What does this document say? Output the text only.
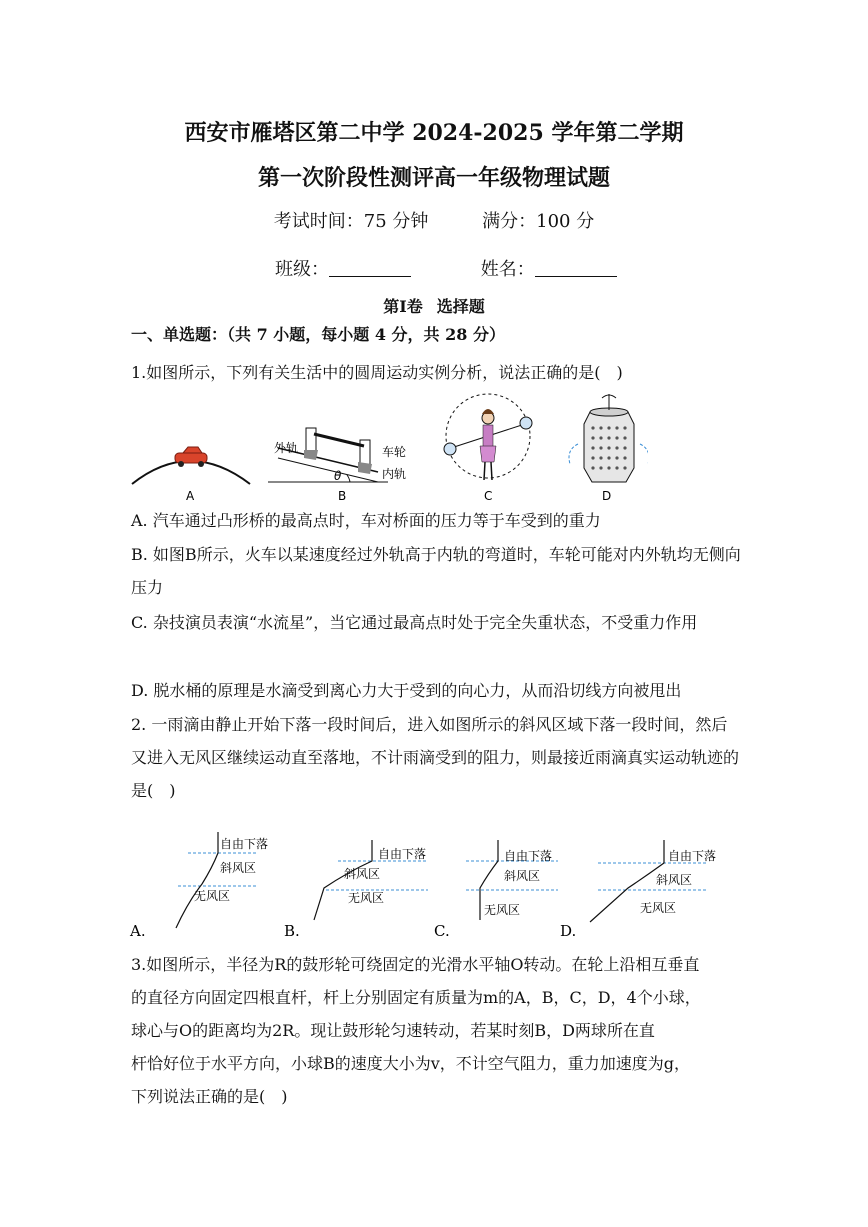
西安市雁塔区第二中学 2024-2025 学年第二学期
第一次阶段性测评高一年级物理试题
考试时间：75 分钟	满分：100 分
班级：	姓名：
第Ⅰ卷 选择题
一、单选题：（共 7 小题，每小题 4 分，共 28 分）
1.如图所示，下列有关生活中的圆周运动实例分析，说法正确的是(　)
A
θ
外轨	车轮
内轨
B	C	D
A. 汽车通过凸形桥的最高点时，车对桥面的压力等于车受到的重力
B. 如图B所示，火车以某速度经过外轨高于内轨的弯道时，车轮可能对内外轨均无侧向压力
C. 杂技演员表演“水流星”，当它通过最高点时处于完全失重状态，不受重力作用
D. 脱水桶的原理是水滴受到离心力大于受到的向心力，从而沿切线方向被甩出
2. 一雨滴由静止开始下落一段时间后，进入如图所示的斜风区域下落一段时间，然后又进入无风区继续运动直至落地，不计雨滴受到的阻力，则最接近雨滴真实运动轨迹的是(　)
自由下落
斜风区
无风区
A.
自由下落
斜风区
无风区
B.
自由下落
斜风区
无风区
C.
自由下落
斜风区
无风区
D.
3.如图所示，半径为R的鼓形轮可绕固定的光滑水平轴O转动。在轮上沿相互垂直
的直径方向固定四根直杆，杆上分别固定有质量为m的A，B，C，D，4个小球，
球心与O的距离均为2R。现让鼓形轮匀速转动，若某时刻B，D两球所在直
杆恰好位于水平方向，小球B的速度大小为v，不计空气阻力，重力加速度为g，
下列说法正确的是(　)
